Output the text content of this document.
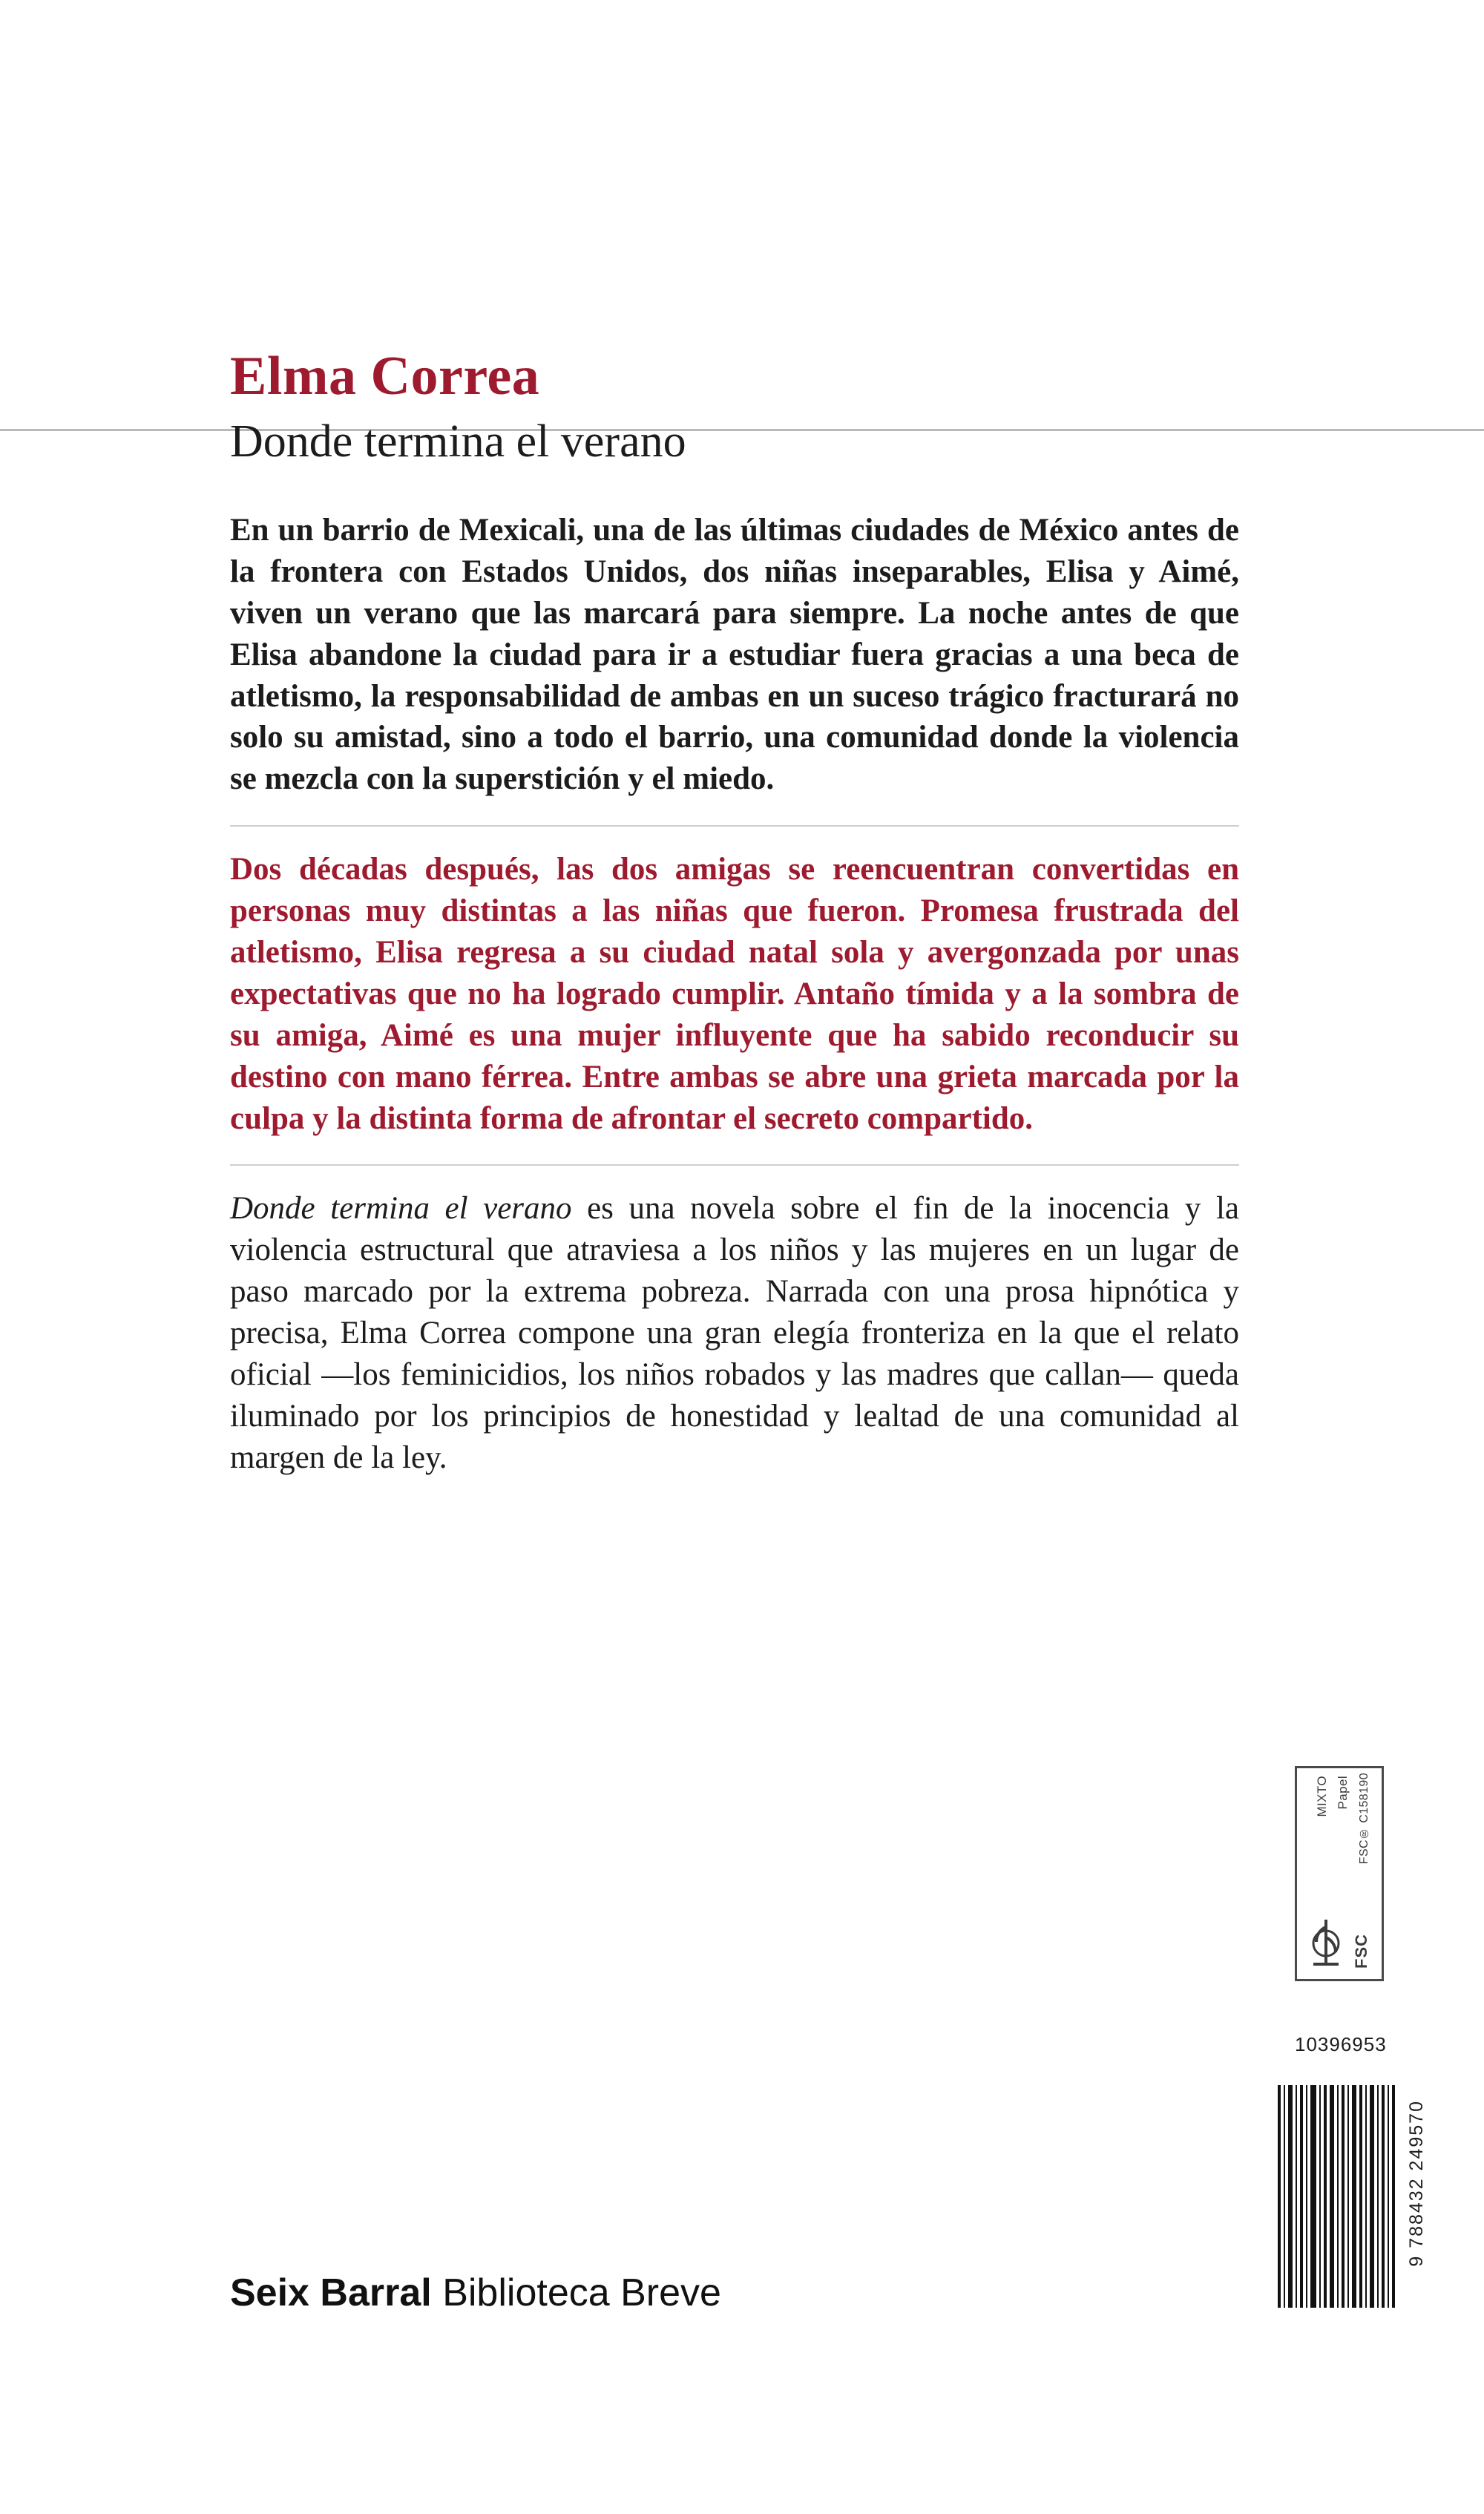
Elma Correa
Donde termina el verano

En un barrio de Mexicali, una de las últimas ciudades de México antes de la frontera con Estados Unidos, dos niñas inseparables, Elisa y Aimé, viven un verano que las marcará para siempre. La noche antes de que Elisa abandone la ciudad para ir a estudiar fuera gracias a una beca de atletismo, la responsabilidad de ambas en un suceso trágico fracturará no solo su amistad, sino a todo el barrio, una comunidad donde la violencia se mezcla con la superstición y el miedo.

Dos décadas después, las dos amigas se reencuentran convertidas en personas muy distintas a las niñas que fueron. Promesa frustrada del atletismo, Elisa regresa a su ciudad natal sola y avergonzada por unas expectativas que no ha logrado cumplir. Antaño tímida y a la sombra de su amiga, Aimé es una mujer influyente que ha sabido reconducir su destino con mano férrea. Entre ambas se abre una grieta marcada por la culpa y la distinta forma de afrontar el secreto compartido.

Donde termina el verano es una novela sobre el fin de la inocencia y la violencia estructural que atraviesa a los niños y las mujeres en un lugar de paso marcado por la extrema pobreza. Narrada con una prosa hipnótica y precisa, Elma Correa compone una gran elegía fronteriza en la que el relato oficial —los feminicidios, los niños robados y las madres que callan— queda iluminado por los principios de honestidad y lealtad de una comunidad al margen de la ley.

Seix Barral Biblioteca Breve
MIXTO Papel FSC® C158190
FSC
10396953
9 788432 249570
